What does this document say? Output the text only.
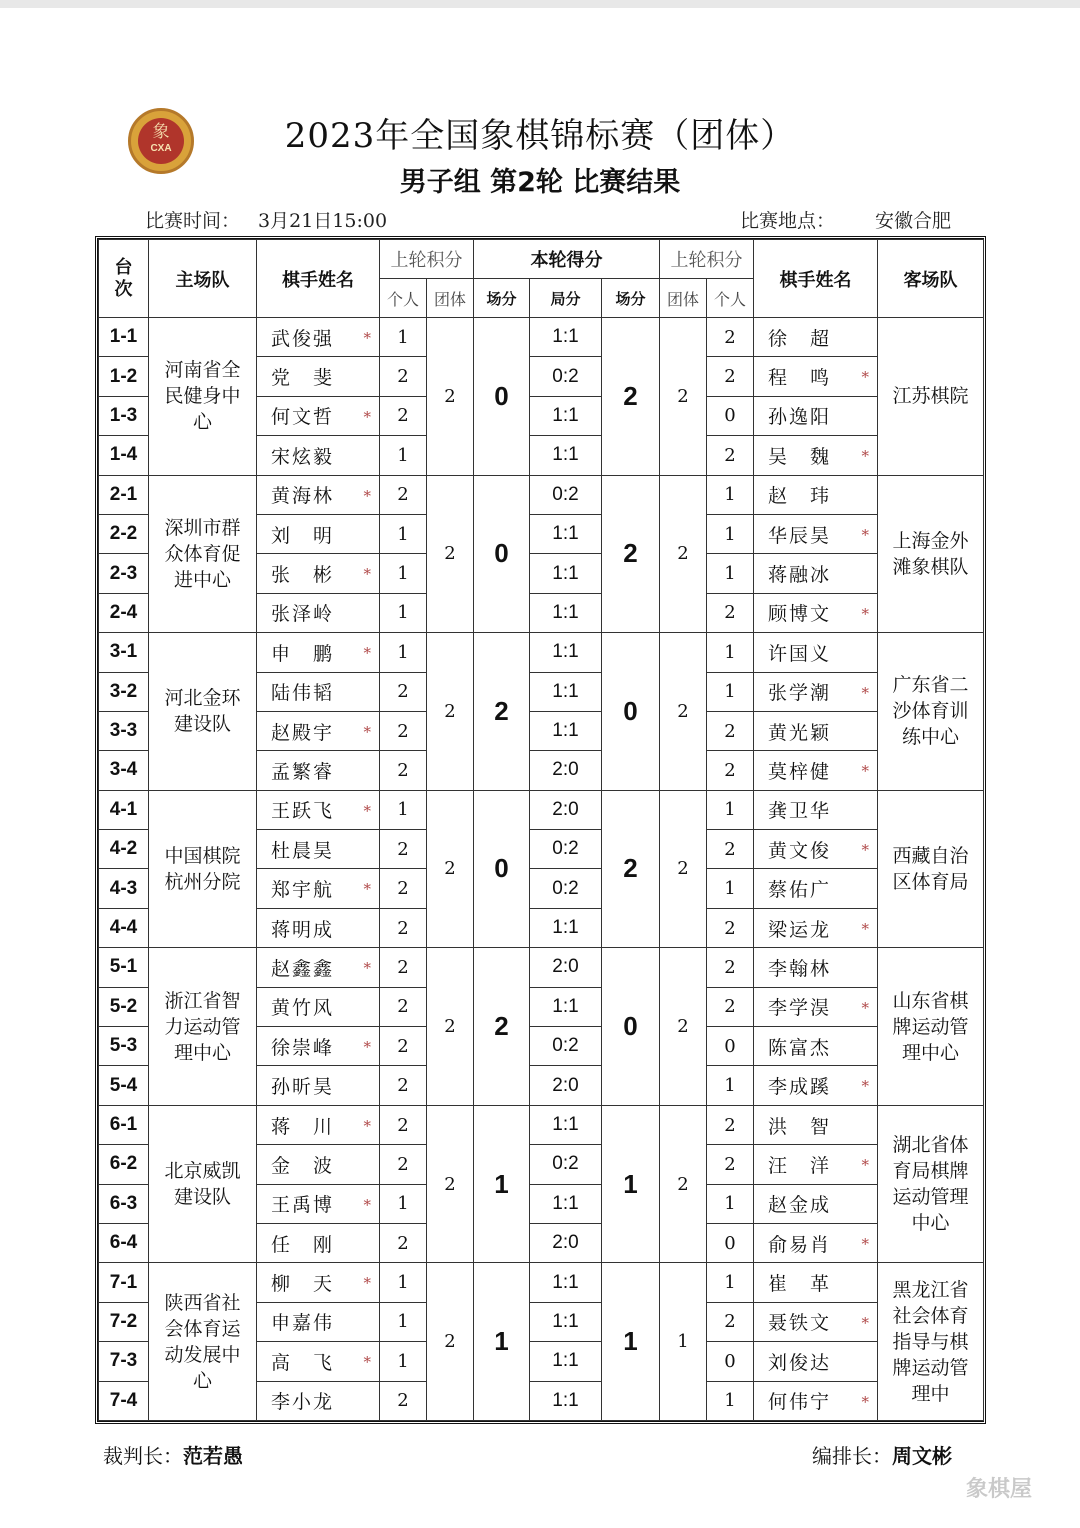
象
CXA	2023年全国象棋锦标赛（团体）
男子组 第2轮 比赛结果
比赛时间： 3月21日15:00	比赛地点： 安徽合肥
台
次	主场队	棋手姓名	上轮积分		本轮得分			上轮积分		棋手姓名	客场队
			个人	团体	场分	局分	场分	团体	个人		
1-1	河南省全民健身中心	武俊强 *	1	2	0	1:1	2	2	2	徐　超	江苏棋院
1-2		党　斐	2			0:2			2	程　鸣 *	

1-3		何文哲 *	2			1:1			0	孙逸阳	

1-4		宋炫毅	1			1:1			2	吴　魏 *	

2-1	深圳市群众体育促进中心	黄海林 *	2	2	0	0:2	2	2	1	赵　玮	上海金外滩象棋队
2-2		刘　明	1			1:1			1	华辰昊 *	

2-3		张　彬 *	1			1:1			1	蒋融冰	

2-4		张泽岭	1			1:1			2	顾博文 *	

3-1	河北金环建设队	申　鹏 *	1	2	2	1:1	0	2	1	许国义	广东省二沙体育训练中心
3-2		陆伟韬	2			1:1			1	张学潮 *	

3-3		赵殿宇 *	2			1:1			2	黄光颖	

3-4		孟繁睿	2			2:0			2	莫梓健 *	

4-1	中国棋院杭州分院	王跃飞 *	1	2	0	2:0	2	2	1	龚卫华	西藏自治区体育局
4-2		杜晨昊	2			0:2			2	黄文俊 *	

4-3		郑宇航 *	2			0:2			1	蔡佑广	

4-4		蒋明成	2			1:1			2	梁运龙 *	

5-1	浙江省智力运动管理中心	赵鑫鑫 *	2	2	2	2:0	0	2	2	李翰林	山东省棋牌运动管理中心
5-2		黄竹风	2			1:1			2	李学淏 *	

5-3		徐崇峰 *	2			0:2			0	陈富杰	

5-4		孙昕昊	2			2:0			1	李成蹊 *	

6-1	北京威凯建设队	蒋　川 *	2	2	1	1:1	1	2	2	洪　智	湖北省体育局棋牌运动管理中心
6-2		金　波	2			0:2			2	汪　洋 *	

6-3		王禹博 *	1			1:1			1	赵金成	

6-4		任　刚	2			2:0			0	俞易肖 *	

7-1	陕西省社会体育运动发展中心	柳　天 *	1	2	1	1:1	1	1	1	崔　革	黑龙江省社会体育指导与棋牌运动管理中
7-2		申嘉伟	1			1:1			2	聂铁文 *	

7-3		高　飞 *	1			1:1			0	刘俊达	

7-4		李小龙	2			1:1			1	何伟宁 *	
裁判长：范若愚	编排长：周文彬
象棋屋
